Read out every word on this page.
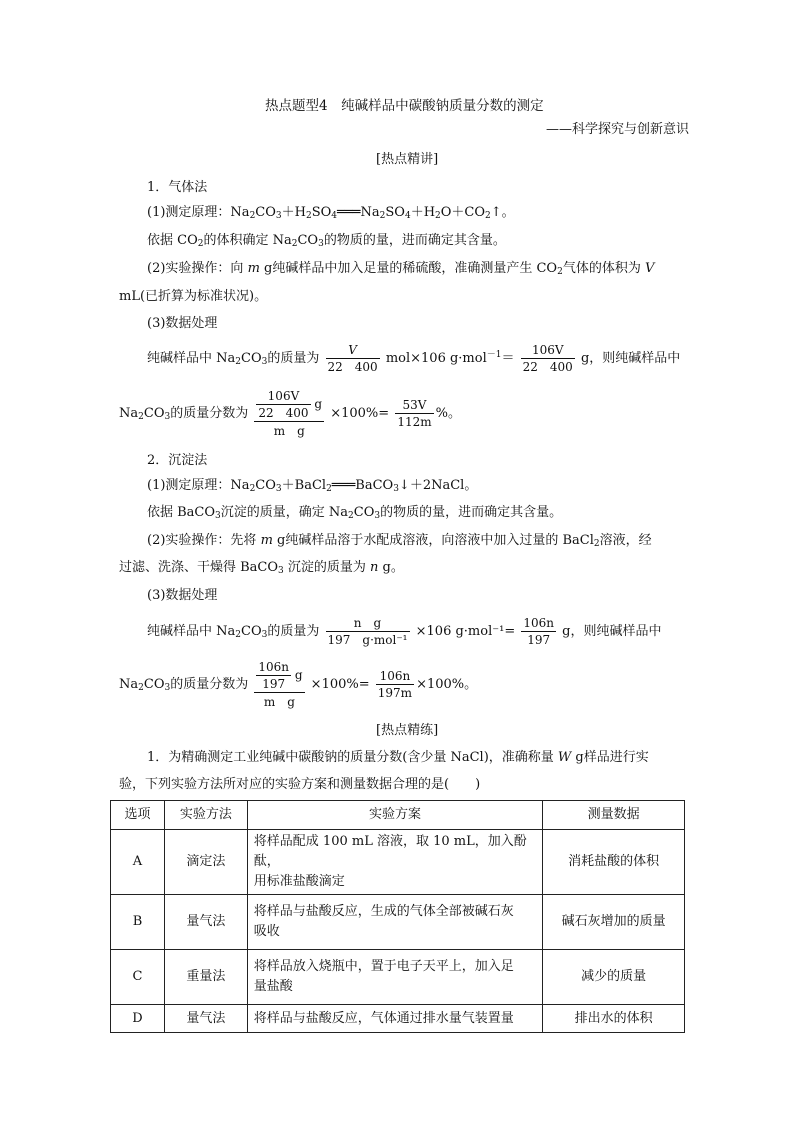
热点题型4　纯碱样品中碳酸钠质量分数的测定
——科学探究与创新意识
[热点精讲]
1．气体法
(1)测定原理：$Na_2CO_3+H_2SO_4═══Na_2SO_4+H_2O+CO_2↑$。
依据 $CO_2$的体积确定 $Na_2CO_3$的物质的量，进而确定其含量。
(2)实验操作：向 m g纯碱样品中加入足量的稀硫酸，准确测量产生 $CO_2$气体的体积为 V
mL(已折算为标准状况)。
(3)数据处理
纯碱样品中 $Na_2CO_3$的质量为 $\frac{V}{22 400} mol\times 106$ $g\cdot mol^{-1}= \frac{106V}{22 400}$ g，则纯碱样品中
$Na_2CO_3$的质量分数为 $\frac{\frac{106V}{22 400} g}{\text{m　g}} \times 100\%= \frac{53V}{112m}$ %。
2．沉淀法
(1)测定原理：$Na_2CO_3+BaCl_2═══BaCO_3↓+2NaCl$。
依据 BaCO$_3$沉淀的质量，确定 $Na_2CO_3$的物质的量，进而确定其含量。
(2)实验操作：先将 m g纯碱样品溶于水配成溶液，向溶液中加入过量的 BaCl$_2$溶液，经
过滤、洗涤、干燥得 BaCO$_3$ 沉淀的质量为 n g。
(3)数据处理
纯碱样品中 $Na_2CO_3$的质量为 $\frac{\text{n　g}}{\text{197　g·mol⁻¹}} \times 106$ $g\cdot mol^{-1}= \frac{106n}{197}$ g，则纯碱样品中
$Na_2CO_3$的质量分数为 $\frac{\frac{106n}{197} g}{\text{m　g}} \times 100\%= \frac{106n}{197m} \times 100\%$。
[热点精练]
1．为精确测定工业纯碱中碳酸钠的质量分数(含少量 NaCl)，准确称量 W g样品进行实
验，下列实验方法所对应的实验方案和测量数据合理的是(　　)
选项	实验方法	实验方案	测量数据
A	滴定法	将样品配成 100 mL 溶液，取 10 mL，加入酚酞，
用标准盐酸滴定	消耗盐酸的体积
B	量气法	将样品与盐酸反应，生成的气体全部被碱石灰
吸收	碱石灰增加的质量
C	重量法	将样品放入烧瓶中，置于电子天平上，加入足
量盐酸	减少的质量
D	量气法	将样品与盐酸反应，气体通过排水量气装置量	排出水的体积
